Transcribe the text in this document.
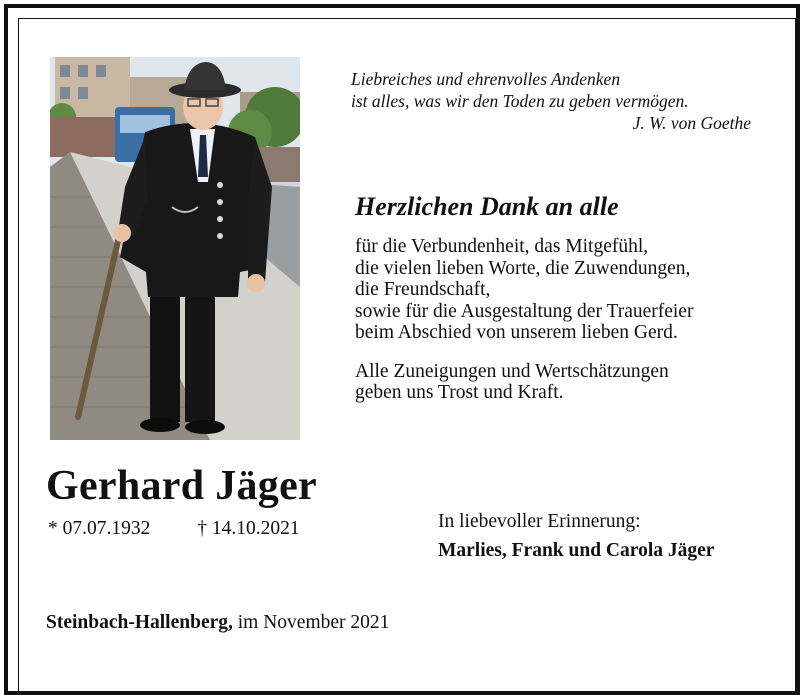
Liebreiches und ehrenvolles Andenken
ist alles, was wir den Toden zu geben vermögen.
J. W. von Goethe
Herzlichen Dank an alle
für die Verbundenheit, das Mitgefühl,
die vielen lieben Worte, die Zuwendungen,
die Freundschaft,
sowie für die Ausgestaltung der Trauerfeier
beim Abschied von unserem lieben Gerd.
Alle Zuneigungen und Wertschätzungen
geben uns Trost und Kraft.
Gerhard Jäger
* 07.07.1932 † 14.10.2021	In liebevoller Erinnerung:
Marlies, Frank und Carola Jäger
Steinbach-Hallenberg, im November 2021
